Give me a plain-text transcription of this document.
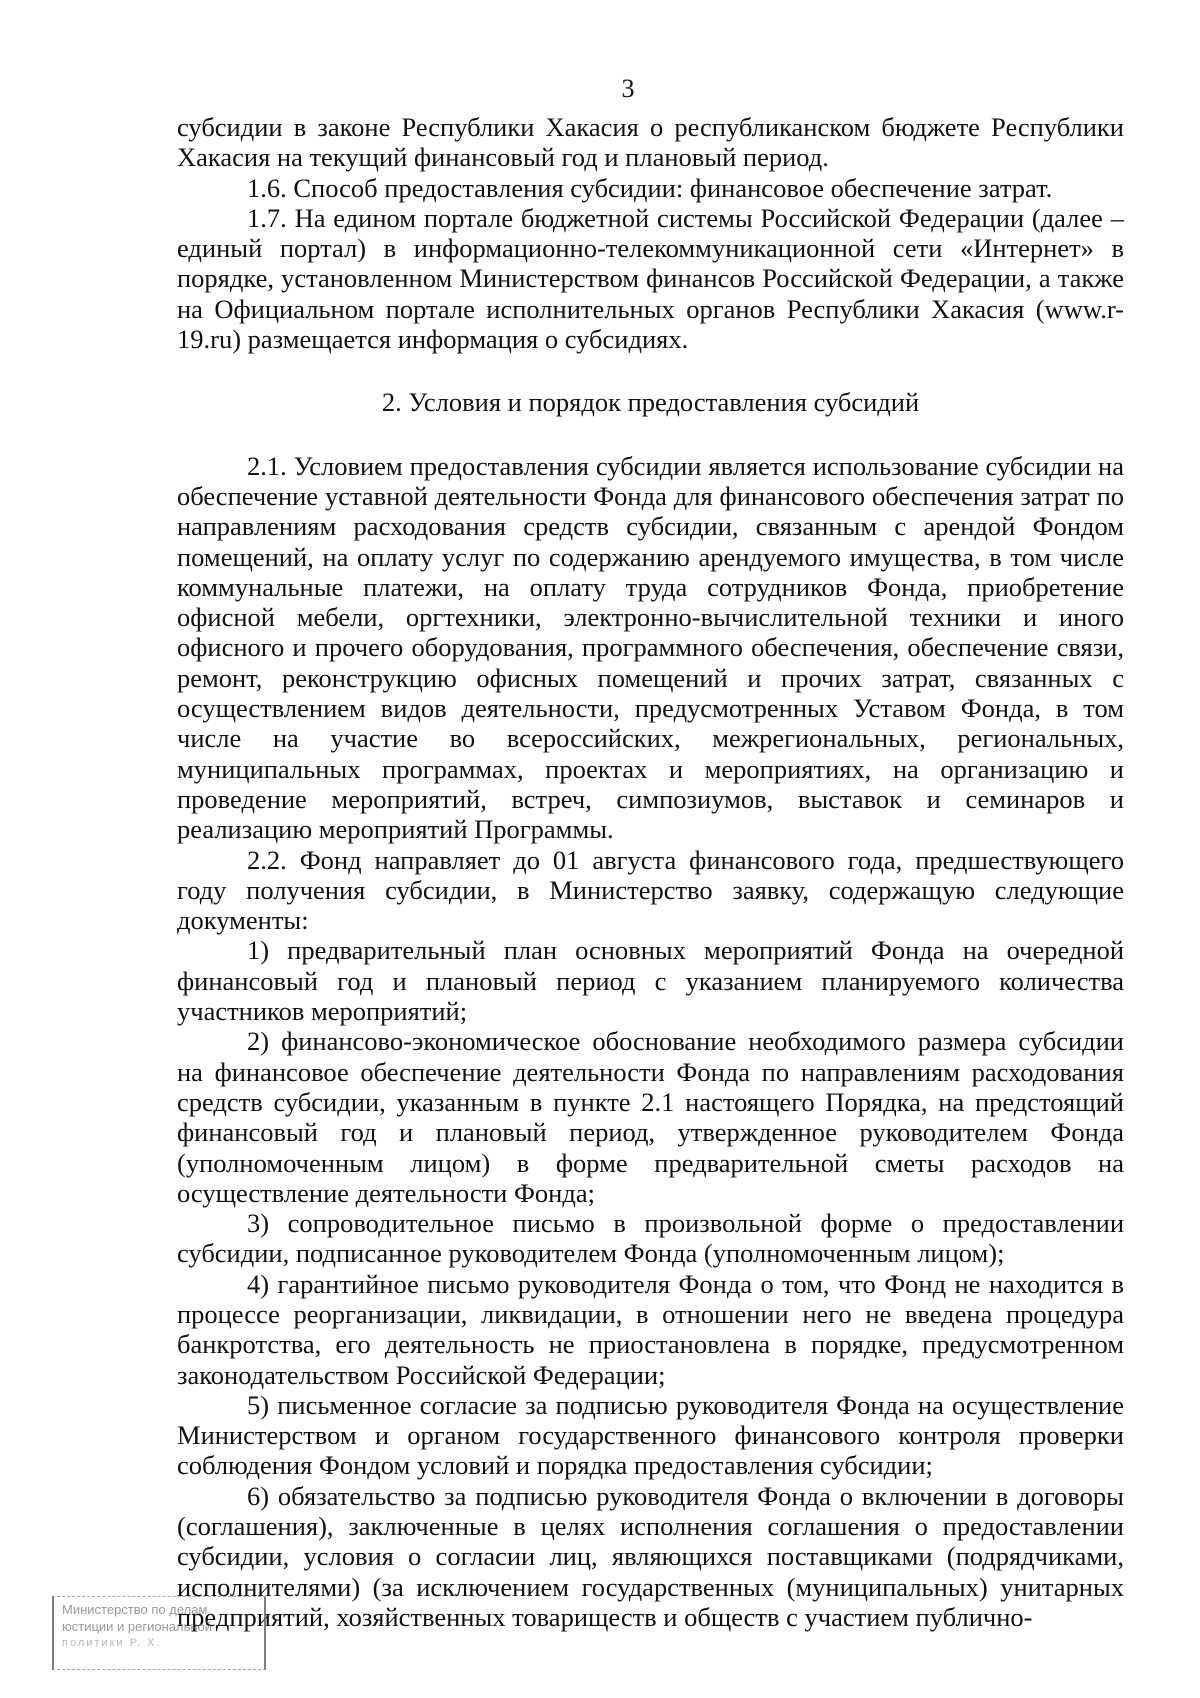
3

субсидии в законе Республики Хакасия о республиканском бюджете Республики Хакасия на текущий финансовый год и плановый период.

1.6. Способ предоставления субсидии: финансовое обеспечение затрат.

1.7. На едином портале бюджетной системы Российской Федерации (далее – единый портал) в информационно-телекоммуникационной сети «Интернет» в порядке, установленном Министерством финансов Российской Федерации, а также на Официальном портале исполнительных органов Республики Хакасия (www.r-19.ru) размещается информация о субсидиях.

2. Условия и порядок предоставления субсидий

2.1. Условием предоставления субсидии является использование субсидии на обеспечение уставной деятельности Фонда для финансового обеспечения затрат по направлениям расходования средств субсидии, связанным с арендой Фондом помещений, на оплату услуг по содержанию арендуемого имущества, в том числе коммунальные платежи, на оплату труда сотрудников Фонда, приобретение офисной мебели, оргтехники, электронно-вычислительной техники и иного офисного и прочего оборудования, программного обеспечения, обеспечение связи, ремонт, реконструкцию офисных помещений и прочих затрат, связанных с осуществлением видов деятельности, предусмотренных Уставом Фонда, в том числе на участие во всероссийских, межрегиональных, региональных, муниципальных программах, проектах и мероприятиях, на организацию и проведение мероприятий, встреч, симпозиумов, выставок и семинаров и реализацию мероприятий Программы.

2.2. Фонд направляет до 01 августа финансового года, предшествующего году получения субсидии, в Министерство заявку, содержащую следующие документы:

1) предварительный план основных мероприятий Фонда на очередной финансовый год и плановый период с указанием планируемого количества участников мероприятий;

2) финансово-экономическое обоснование необходимого размера субсидии на финансовое обеспечение деятельности Фонда по направлениям расходования средств субсидии, указанным в пункте 2.1 настоящего Порядка, на предстоящий финансовый год и плановый период, утвержденное руководителем Фонда (уполномоченным лицом) в форме предварительной сметы расходов на осуществление деятельности Фонда;

3) сопроводительное письмо в произвольной форме о предоставлении субсидии, подписанное руководителем Фонда (уполномоченным лицом);

4) гарантийное письмо руководителя Фонда о том, что Фонд не находится в процессе реорганизации, ликвидации, в отношении него не введена процедура банкротства, его деятельность не приостановлена в порядке, предусмотренном законодательством Российской Федерации;

5) письменное согласие за подписью руководителя Фонда на осуществление Министерством и органом государственного финансового контроля проверки соблюдения Фондом условий и порядка предоставления субсидии;

6) обязательство за подписью руководителя Фонда о включении в договоры (соглашения), заключенные в целях исполнения соглашения о предоставлении субсидии, условия о согласии лиц, являющихся поставщиками (подрядчиками, исполнителями) (за исключением государственных (муниципальных) унитарных предприятий, хозяйственных товариществ и обществ с участием публично-

Министерство по делам
юстиции и региональной
политики Р. Х.
